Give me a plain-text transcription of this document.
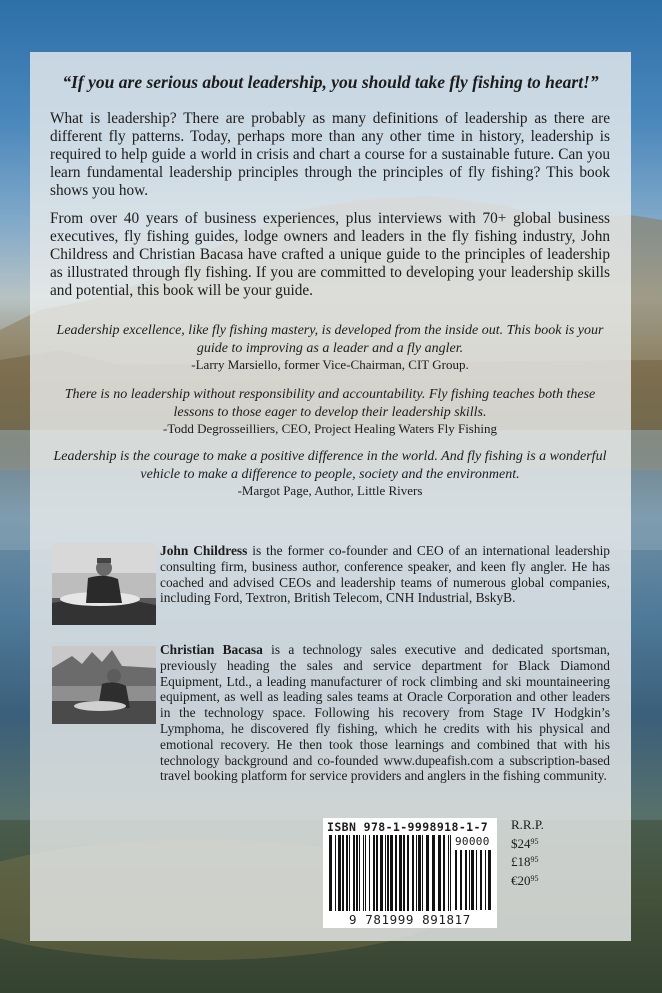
“If you are serious about leadership, you should take fly fishing to heart!”

What is leadership? There are probably as many definitions of leadership as there are different fly patterns. Today, perhaps more than any other time in history, leadership is required to help guide a world in crisis and chart a course for a sustainable future. Can you learn fundamental leadership principles through the principles of fly fishing? This book shows you how.

From over 40 years of business experiences, plus interviews with 70+ global business executives, fly fishing guides, lodge owners and leaders in the fly fishing industry, John Childress and Christian Bacasa have crafted a unique guide to the principles of leadership as illustrated through fly fishing. If you are committed to developing your leadership skills and potential, this book will be your guide.

Leadership excellence, like fly fishing mastery, is developed from the inside out. This book is your guide to improving as a leader and a fly angler.

-Larry Marsiello, former Vice-Chairman, CIT Group.

There is no leadership without responsibility and accountability. Fly fishing teaches both these lessons to those eager to develop their leadership skills.

-Todd Degrosseilliers, CEO, Project Healing Waters Fly Fishing

Leadership is the courage to make a positive difference in the world. And fly fishing is a wonderful vehicle to make a difference to people, society and the environment.

-Margot Page, Author, Little Rivers

John Childress is the former co-founder and CEO of an international leadership consulting firm, business author, conference speaker, and keen fly angler. He has coached and advised CEOs and leadership teams of numerous global companies, including Ford, Textron, British Telecom, CNH Industrial, BskyB.

Christian Bacasa is a technology sales executive and dedicated sportsman, previously heading the sales and service department for Black Diamond Equipment, Ltd., a leading manufacturer of rock climbing and ski mountaineering equipment, as well as leading sales teams at Oracle Corporation and other leaders in the technology space. Following his recovery from Stage IV Hodgkin’s Lymphoma, he discovered fly fishing, which he credits with his physical and emotional recovery. He then took those learnings and combined that with his technology background and co-founded www.dupeafish.com a subscription-based travel booking platform for service providers and anglers in the fishing community.

ISBN 978-1-9998918-1-7
90000
9 781999 891817
R.R.P.
$\$24^{95}$
$£18^{95}$
$€20^{95}$
